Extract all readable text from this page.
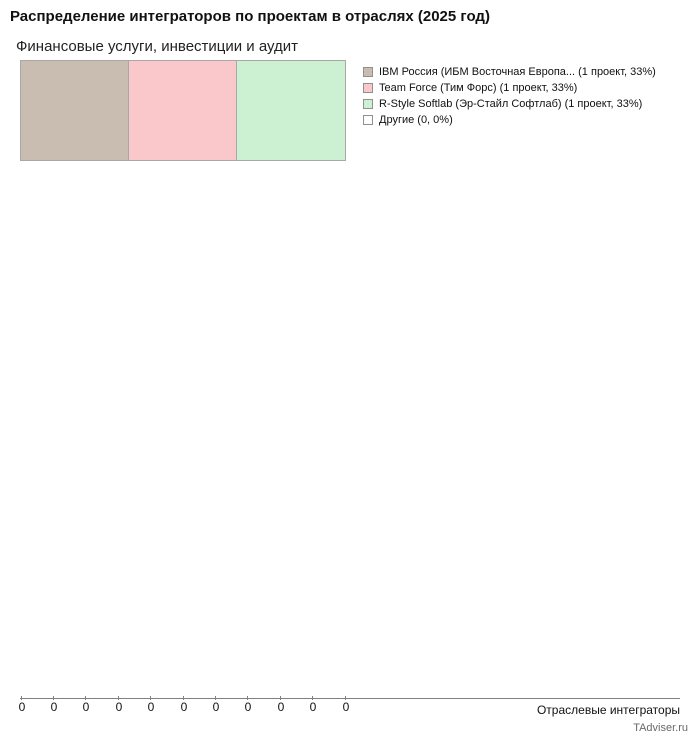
Распределение интеграторов по проектам в отраслях (2025 год)
Финансовые услуги, инвестиции и аудит
IBM Россия (ИБМ Восточная Европа... (1 проект, 33%)
Team Force (Тим Форс) (1 проект, 33%)
R-Style Softlab (Эр-Стайл Софтлаб) (1 проект, 33%)
Другие (0, 0%)
0 0 0 0 0 0 0 0 0 0 0	Отраслевые интеграторы
TAdviser.ru
